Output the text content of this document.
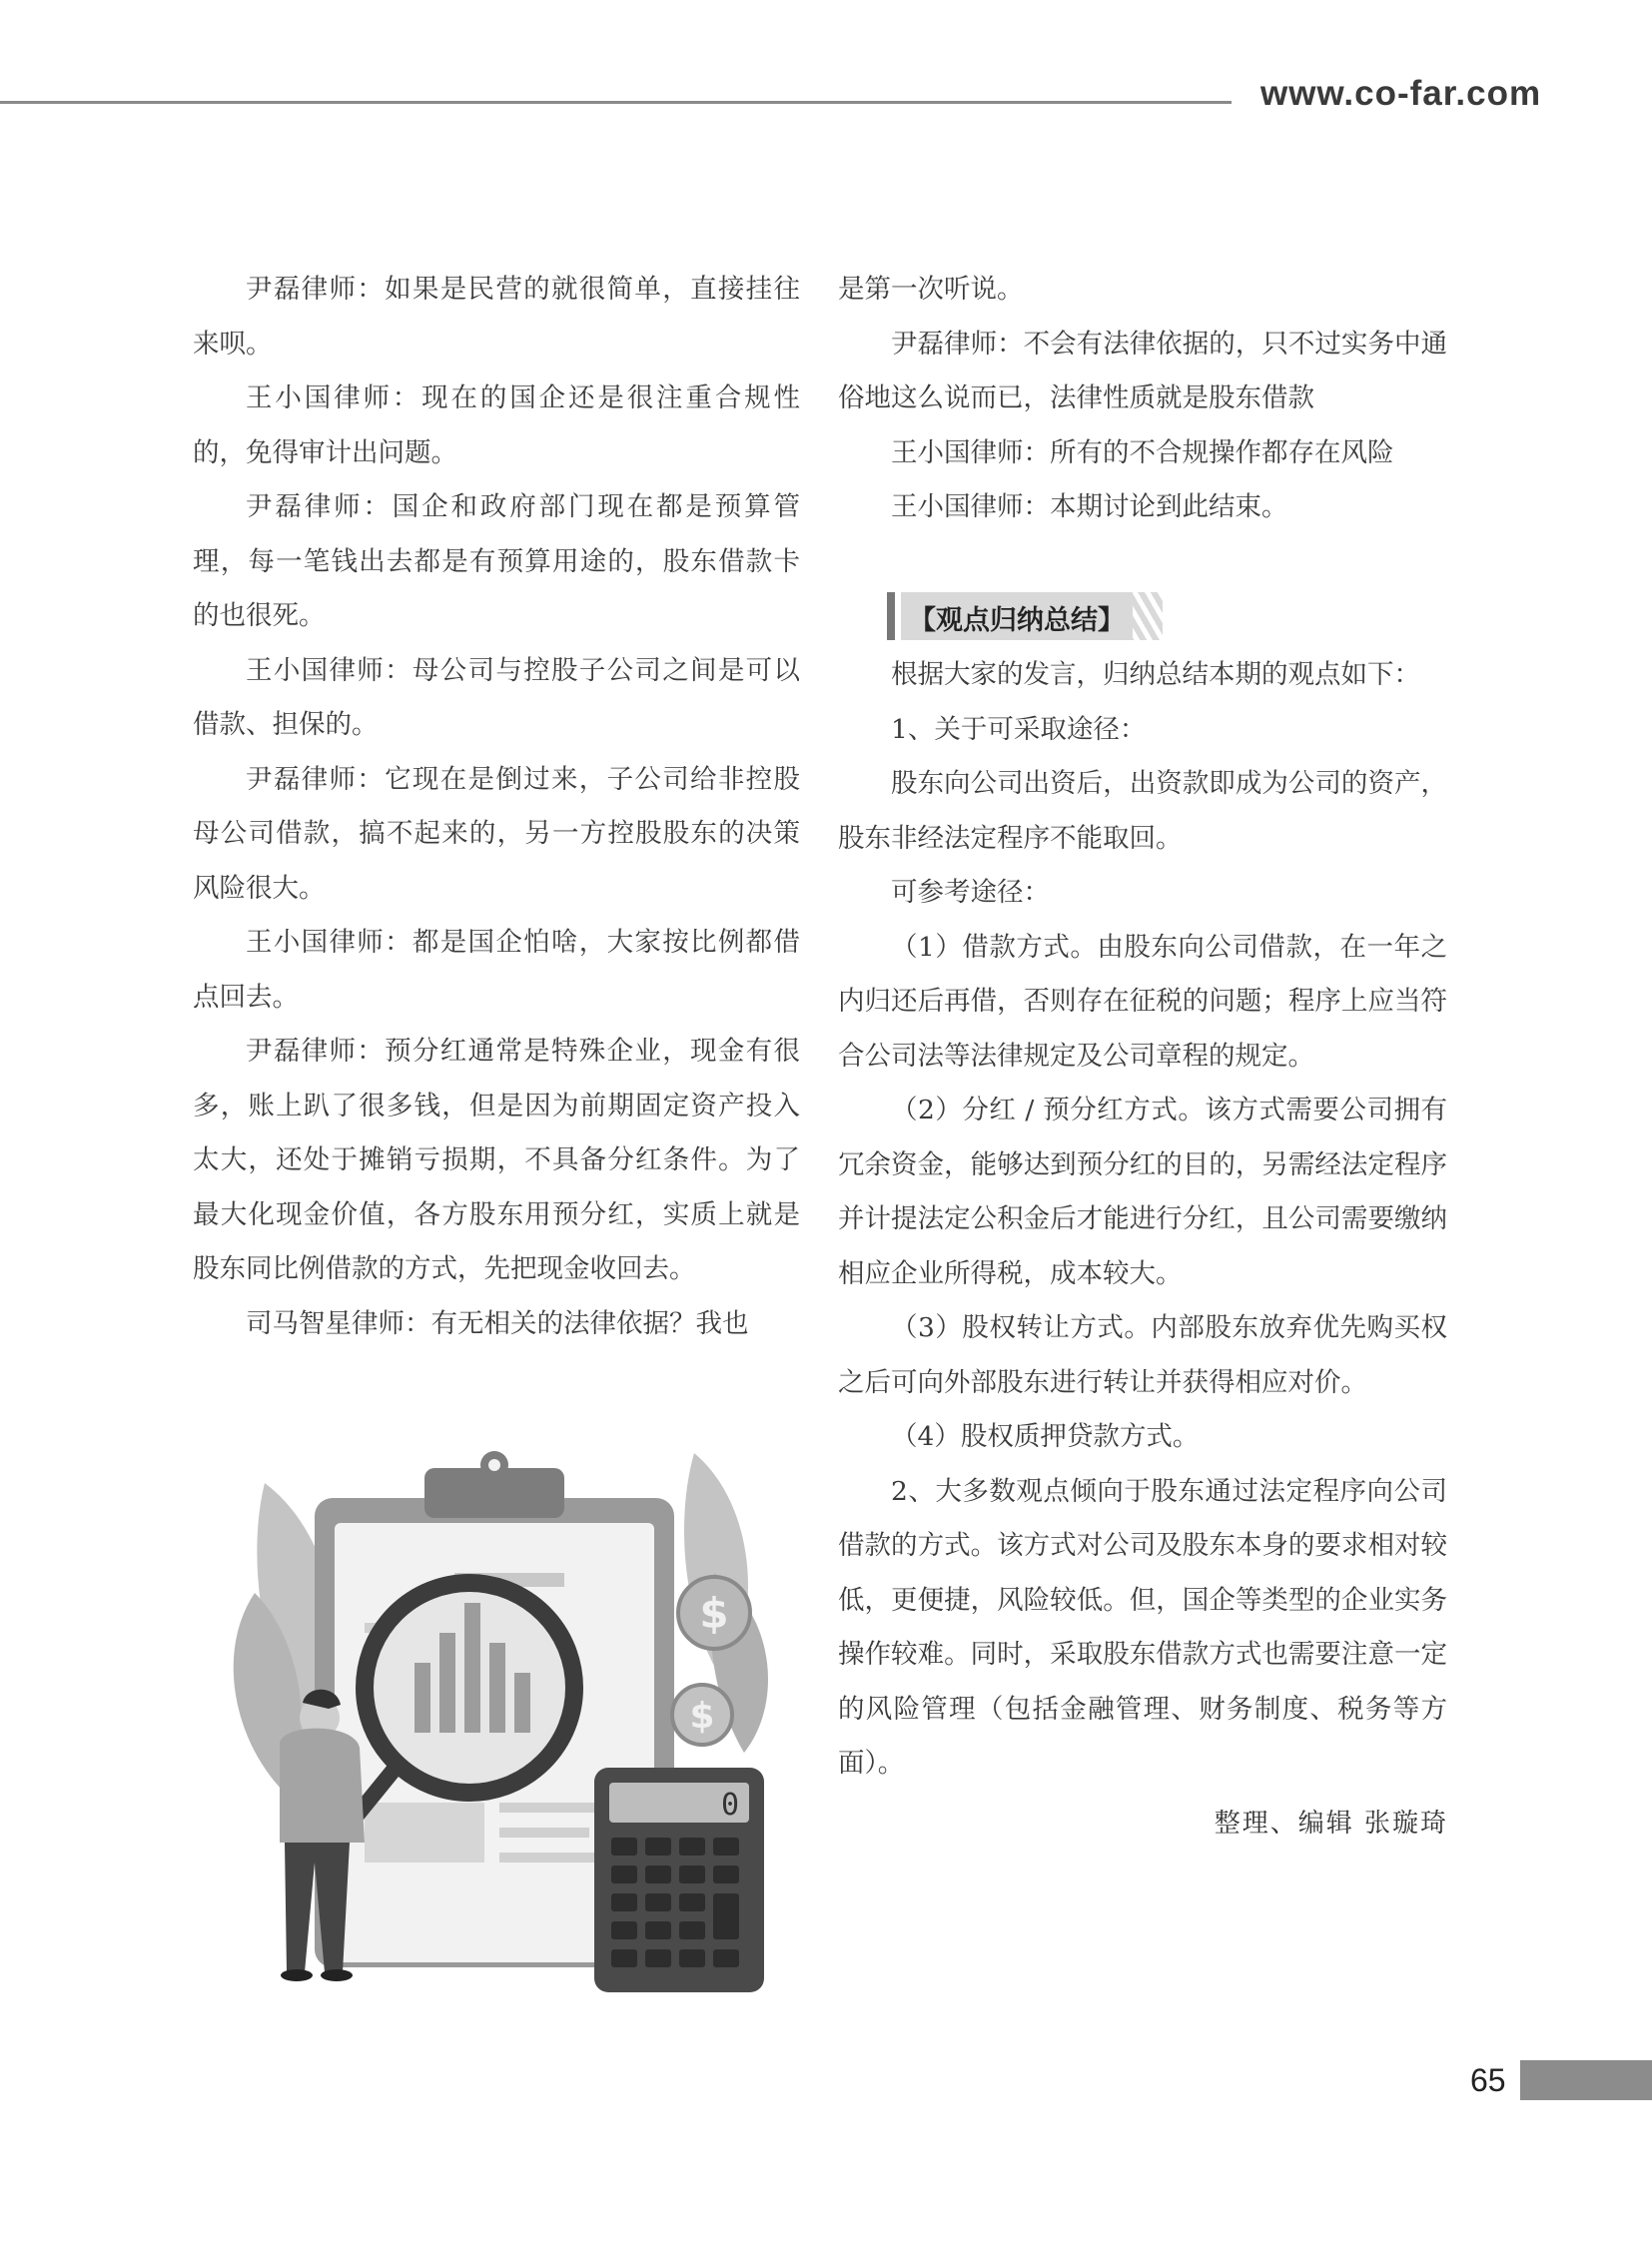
www.co-far.com

尹磊律师：如果是民营的就很简单，直接挂往来呗。

王小国律师：现在的国企还是很注重合规性的，免得审计出问题。

尹磊律师：国企和政府部门现在都是预算管理，每一笔钱出去都是有预算用途的，股东借款卡的也很死。

王小国律师：母公司与控股子公司之间是可以借款、担保的。

尹磊律师：它现在是倒过来，子公司给非控股母公司借款，搞不起来的，另一方控股股东的决策风险很大。

王小国律师：都是国企怕啥，大家按比例都借点回去。

尹磊律师：预分红通常是特殊企业，现金有很多，账上趴了很多钱，但是因为前期固定资产投入太大，还处于摊销亏损期，不具备分红条件。为了最大化现金价值，各方股东用预分红，实质上就是股东同比例借款的方式，先把现金收回去。

司马智星律师：有无相关的法律依据？我也

是第一次听说。

尹磊律师：不会有法律依据的，只不过实务中通俗地这么说而已，法律性质就是股东借款

王小国律师：所有的不合规操作都存在风险

王小国律师：本期讨论到此结束。

【观点归纳总结】

根据大家的发言，归纳总结本期的观点如下：

1、关于可采取途径：

股东向公司出资后，出资款即成为公司的资产，股东非经法定程序不能取回。

可参考途径：

（1）借款方式。由股东向公司借款，在一年之内归还后再借，否则存在征税的问题；程序上应当符合公司法等法律规定及公司章程的规定。

（2）分红 / 预分红方式。该方式需要公司拥有冗余资金，能够达到预分红的目的，另需经法定程序并计提法定公积金后才能进行分红，且公司需要缴纳相应企业所得税，成本较大。

（3）股权转让方式。内部股东放弃优先购买权之后可向外部股东进行转让并获得相应对价。

（4）股权质押贷款方式。

2、大多数观点倾向于股东通过法定程序向公司借款的方式。该方式对公司及股东本身的要求相对较低，更便捷，风险较低。但，国企等类型的企业实务操作较难。同时，采取股东借款方式也需要注意一定的风险管理（包括金融管理、财务制度、税务等方面）。

整理、编辑 张璇琦
$
$
0
65
